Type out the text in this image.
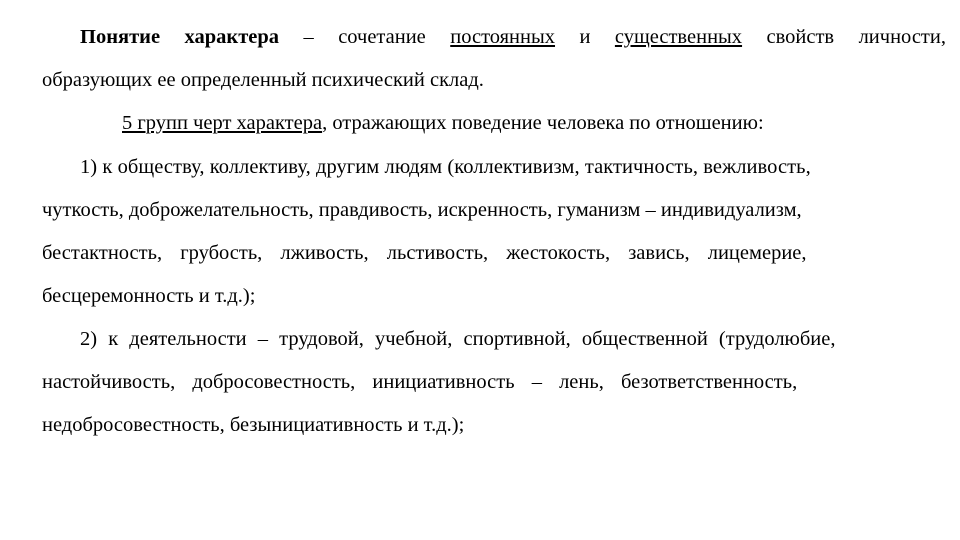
Понятие характера – сочетание постоянных и существенных свойств личности,
образующих ее определенный психический склад.
5 групп черт характера, отражающих поведение человека по отношению:
1) к обществу, коллективу, другим людям (коллективизм, тактичность, вежливость,
чуткость, доброжелательность, правдивость, искренность, гуманизм – индивидуализм,
бестактность, грубость, лживость, льстивость, жестокость, завись, лицемерие,
бесцеремонность и т.д.);
2) к деятельности – трудовой, учебной, спортивной, общественной (трудолюбие,
настойчивость, добросовестность, инициативность – лень, безответственность,
недобросовестность, безынициативность и т.д.);
